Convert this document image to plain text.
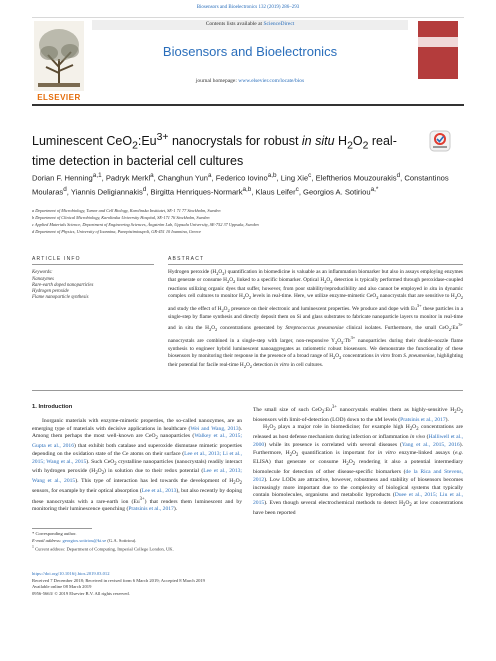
Biosensors and Bioelectronics 132 (2019) 286–293
ELSEVIER
Contents lists available at ScienceDirect
Biosensors and Bioelectronics
journal homepage: www.elsevier.com/locate/bios
Luminescent $CeO_2:Eu^{3+}$ nanocrystals for robust in situ $H_2O_2$ real-time detection in bacterial cell cultures
Dorian F. Henning$^{a,1}$, Padryk Merkl$^a$, Changhun Yun$^a$, Federico Iovino$^{a,b}$, Ling Xie$^c$, Eleftherios Mouzourakis$^d$, Constantinos Moularas$^d$, Yiannis Deligiannakis$^d$, Birgitta Henriques-Normark$^{a,b}$, Klaus Leifer$^c$, Georgios A. Sotiriou$^{a,*}$
a Department of Microbiology, Tumor and Cell Biology, Karolinska Institutet, SE-1 71 77 Stockholm, Sweden
b Department of Clinical Microbiology, Karolinska University Hospital, SE-171 76 Stockholm, Sweden
c Applied Materials Science, Department of Engineering Sciences, Ångström Lab, Uppsala University, SE-752 37 Uppsala, Sweden
d Department of Physics, University of Ioannina, Panepistimioupoli, GR-451 10 Ioannina, Greece
ARTICLE INFO
Keywords:
Nanozymes
Rare-earth doped nanoparticles
Hydrogen peroxide
Flame nanoparticle synthesis
ABSTRACT
Hydrogen peroxide $(H_2O_2)$ quantification in biomedicine is valuable as an inflammation biomarker but also in assays employing enzymes that generate or consume $H_2O_2$ linked to a specific biomarker. Optical $H_2O_2$ detection is typically performed through peroxidase-coupled reactions utilizing organic dyes that suffer, however, from poor stability/reproducibility and also cannot be employed in situ in dynamic complex cell cultures to monitor $H_2O_2$ levels in real-time. Here, we utilize enzyme-mimetic CeO$_2$ nanocrystals that are sensitive to $H_2O_2$ and study the effect of $H_2O_2$ presence on their electronic and luminescent properties. We produce and dope with $Eu^{3+}$ these particles in a single-step by flame synthesis and directly deposit them on Si and glass substrates to fabricate nanoparticle layers to monitor in real-time and in situ the $H_2O_2$ concentrations generated by Streptococcus pneumoniae clinical isolates. Furthermore, the small $CeO_2:Eu^{3+}$ nanocrystals are combined in a single-step with larger, non-responsive $Y_2O_3:Tb^{3+}$ nanoparticles during their double-nozzle flame synthesis to engineer hybrid luminescent nanoaggregates as ratiometric robust biosensors. We demonstrate the functionality of these biosensors by monitoring their response in the presence of a broad range of $H_2O_2$ concentrations in vitro from S. pneumoniae, highlighting their potential for facile real-time $H_2O_2$ detection in vitro in cell cultures.
1. Introduction

Inorganic materials with enzyme-mimetic properties, the so-called nanozymes, are an emerging type of materials with decisive applications in healthcare (Wei and Wang, 2013). Among them perhaps the most well-known are CeO$_2$ nanoparticles (Walkey et al., 2015; Gupta et al., 2016) that exhibit both catalase and superoxide dismutase mimetic properties depending on the oxidation state of the Ce atoms on their surface (Lee et al., 2013; Li et al., 2015; Wang et al., 2015). Such CeO$_2$ crystalline nanoparticles (nanocrystals) readily interact with hydrogen peroxide $(H_2O_2)$ in solution due to their redox potential (Lee et al., 2013; Wang et al., 2015). This type of interaction has led towards the development of $H_2O_2$ sensors, for example by their optical absorption (Lee et al., 2013), but also recently by doping these nanocrystals with a rare-earth ion $(Eu^{3+})$ that renders them luminescent and by monitoring their luminescence quenching (Pratsinis et al., 2017).

The small size of such $CeO_2:Eu^{3+}$ nanocrystals enables them as highly-sensitive $H_2O_2$ biosensors with limit-of-detection (LOD) down to the nM levels (Pratsinis et al., 2017).

$H_2O_2$ plays a major role in biomedicine; for example high $H_2O_2$ concentrations are released as host defense mechanism during infection or inflammation in vivo (Halliwell et al., 2000) while its presence is correlated with several diseases (Yang et al., 2015, 2016). Furthermore, $H_2O_2$ quantification is important for in vitro enzyme-linked assays (e.g. ELISA) that generate or consume $H_2O_2$ rendering it also a potential intermediary biomolecule for detection of other disease-specific biomarkers (de la Rica and Stevens, 2012). Low LODs are attractive, however, robustness and stability of biosensors becomes increasingly more important due to the complexity of biological systems that typically contain biomolecules, organisms and metabolic byproducts (Duee et al., 2015; Liu et al., 2015). Even though several electrochemical methods to detect $H_2O_2$ at low concentrations have been reported

* Corresponding author.
E-mail address: georgios.sotiriou@ki.se (G.A. Sotiriou).
$^1$ Current address: Department of Computing, Imperial College London, UK.
https://doi.org/10.1016/j.bios.2019.03.012
Received 7 December 2018; Received in revised form 6 March 2019; Accepted 8 March 2019
Available online 08 March 2019
0956-5663/ © 2019 Elsevier B.V. All rights reserved.
